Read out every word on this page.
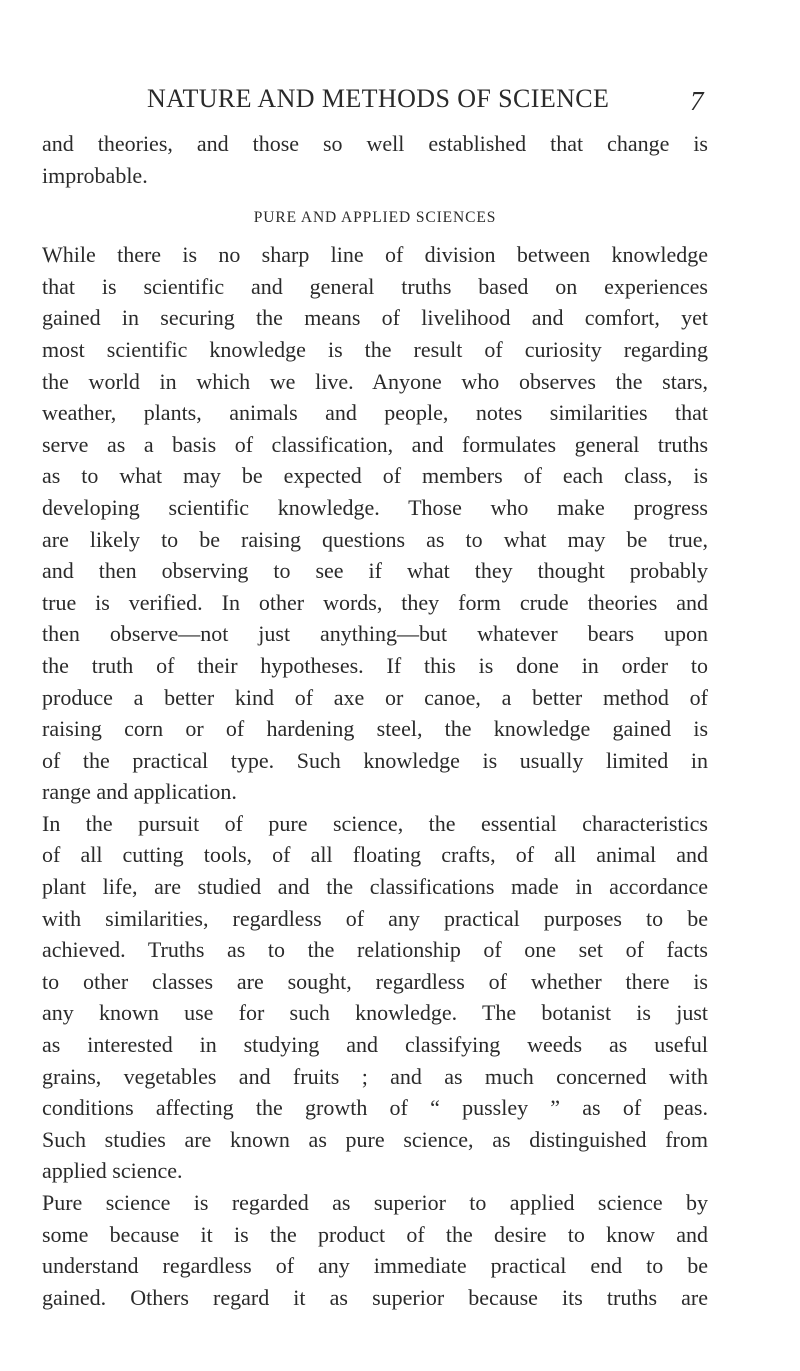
NATURE AND METHODS OF SCIENCE	7
and theories, and those so well established that change is
improbable.
PURE AND APPLIED SCIENCES
While there is no sharp line of division between knowledge
that is scientific and general truths based on experiences
gained in securing the means of livelihood and comfort, yet
most scientific knowledge is the result of curiosity regarding
the world in which we live. Anyone who observes the stars,
weather, plants, animals and people, notes similarities that
serve as a basis of classification, and formulates general truths
as to what may be expected of members of each class, is
developing scientific knowledge. Those who make progress
are likely to be raising questions as to what may be true,
and then observing to see if what they thought probably
true is verified. In other words, they form crude theories and
then observe—not just anything—but whatever bears upon
the truth of their hypotheses. If this is done in order to
produce a better kind of axe or canoe, a better method of
raising corn or of hardening steel, the knowledge gained is
of the practical type. Such knowledge is usually limited in
range and application.
In the pursuit of pure science, the essential characteristics
of all cutting tools, of all floating crafts, of all animal and
plant life, are studied and the classifications made in accordance
with similarities, regardless of any practical purposes to be
achieved. Truths as to the relationship of one set of facts
to other classes are sought, regardless of whether there is
any known use for such knowledge. The botanist is just
as interested in studying and classifying weeds as useful
grains, vegetables and fruits ; and as much concerned with
conditions affecting the growth of “ pussley ” as of peas.
Such studies are known as pure science, as distinguished from
applied science.
Pure science is regarded as superior to applied science by
some because it is the product of the desire to know and
understand regardless of any immediate practical end to be
gained. Others regard it as superior because its truths are
